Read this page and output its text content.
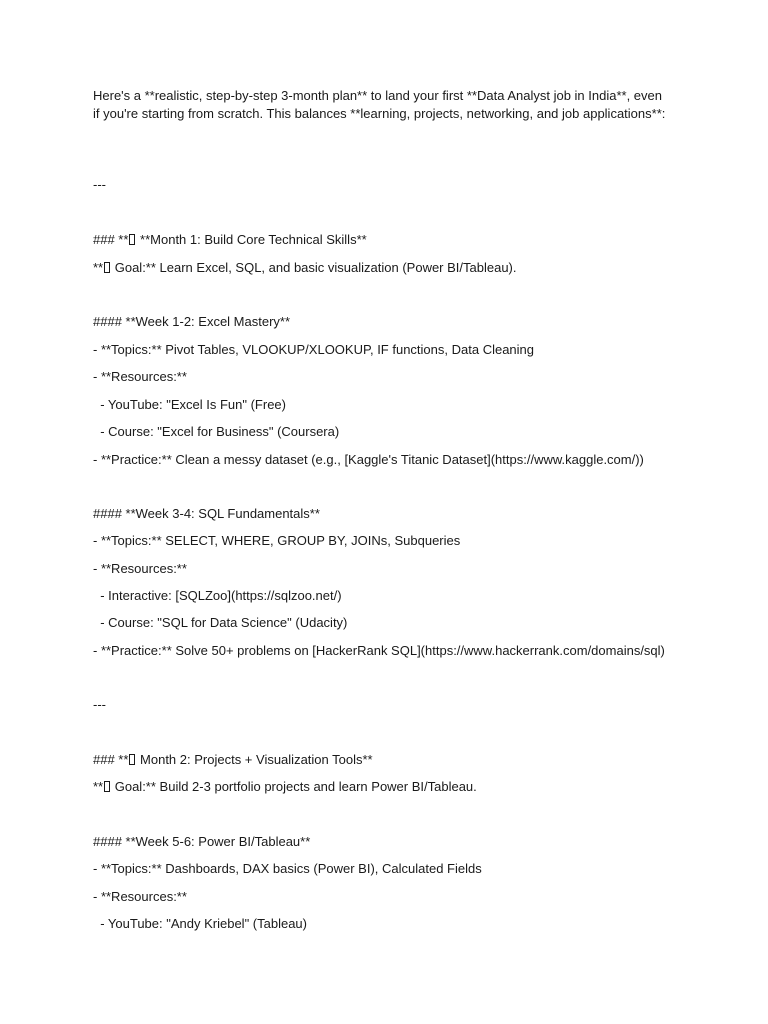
Here's a **realistic, step-by-step 3-month plan** to land your first **Data Analyst job in India**, even if you're starting from scratch. This balances **learning, projects, networking, and job applications**:
---
### ** **Month 1: Build Core Technical Skills**
** Goal:** Learn Excel, SQL, and basic visualization (Power BI/Tableau).
#### **Week 1-2: Excel Mastery**
- **Topics:** Pivot Tables, VLOOKUP/XLOOKUP, IF functions, Data Cleaning
- **Resources:**
- YouTube: "Excel Is Fun" (Free)
- Course: "Excel for Business" (Coursera)
- **Practice:** Clean a messy dataset (e.g., [Kaggle's Titanic Dataset](https://www.kaggle.com/))
#### **Week 3-4: SQL Fundamentals**
- **Topics:** SELECT, WHERE, GROUP BY, JOINs, Subqueries
- **Resources:**
- Interactive: [SQLZoo](https://sqlzoo.net/)
- Course: "SQL for Data Science" (Udacity)
- **Practice:** Solve 50+ problems on [HackerRank SQL](https://www.hackerrank.com/domains/sql)
---
### ** Month 2: Projects + Visualization Tools**
** Goal:** Build 2-3 portfolio projects and learn Power BI/Tableau.
#### **Week 5-6: Power BI/Tableau**
- **Topics:** Dashboards, DAX basics (Power BI), Calculated Fields
- **Resources:**
- YouTube: "Andy Kriebel" (Tableau)
